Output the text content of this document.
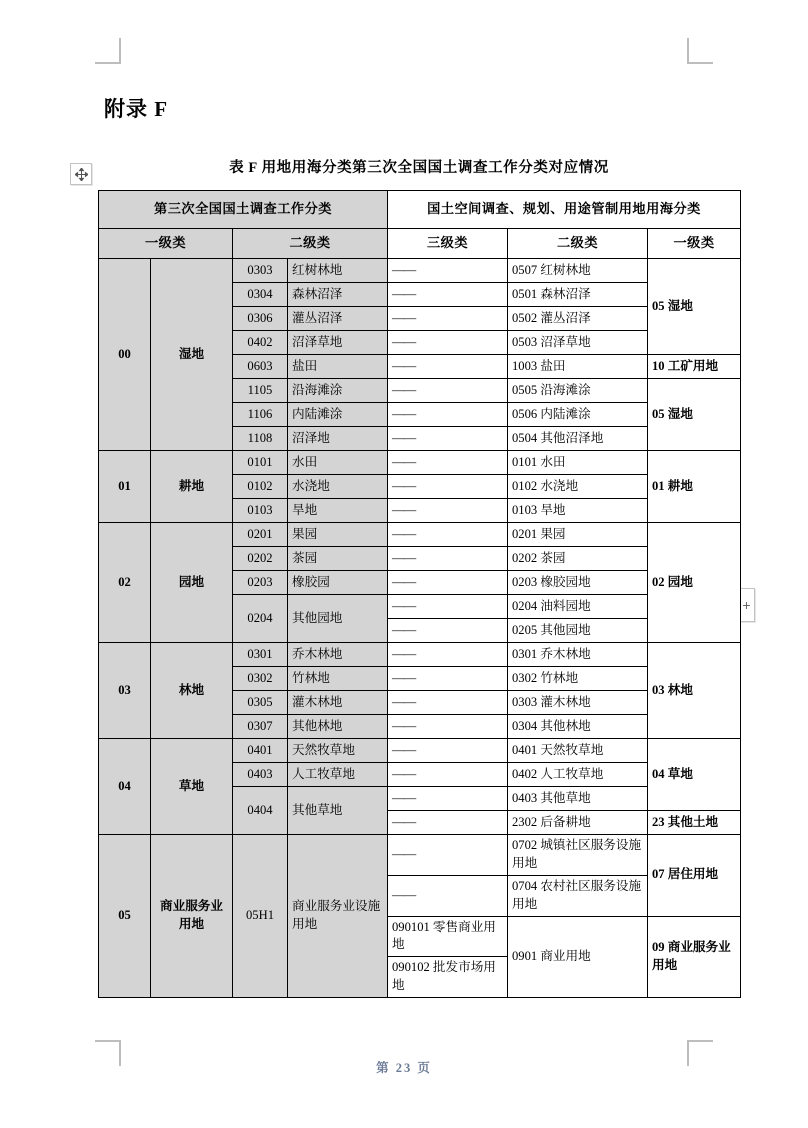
+
附录 F
表 F 用地用海分类第三次全国国土调查工作分类对应情况
第三次全国国土调查工作分类				国土空间调查、规划、用途管制用地用海分类		
一级类		二级类		三级类	二级类	一级类
00	湿地	0303	红树林地	——	0507 红树林地	05 湿地
		0304	森林沼泽	——	0501 森林沼泽	
		0306	灌丛沼泽	——	0502 灌丛沼泽	
		0402	沼泽草地	——	0503 沼泽草地	
		0603	盐田	——	1003 盐田	10 工矿用地
		1105	沿海滩涂	——	0505 沿海滩涂	05 湿地
		1106	内陆滩涂	——	0506 内陆滩涂	
		1108	沼泽地	——	0504 其他沼泽地	
01	耕地	0101	水田	——	0101 水田	01 耕地
		0102	水浇地	——	0102 水浇地	
		0103	旱地	——	0103 旱地	
02	园地	0201	果园	——	0201 果园	02 园地
		0202	茶园	——	0202 茶园	
		0203	橡胶园	——	0203 橡胶园地	
		0204	其他园地	——	0204 油料园地	
				——	0205 其他园地	
03	林地	0301	乔木林地	——	0301 乔木林地	03 林地
		0302	竹林地	——	0302 竹林地	
		0305	灌木林地	——	0303 灌木林地	
		0307	其他林地	——	0304 其他林地	
04	草地	0401	天然牧草地	——	0401 天然牧草地	04 草地
		0403	人工牧草地	——	0402 人工牧草地	
		0404	其他草地	——	0403 其他草地	
				——	2302 后备耕地	23 其他土地
05	商业服务业用地	05H1	商业服务业设施用地	——	0702 城镇社区服务设施用地	07 居住用地
				——	0704 农村社区服务设施用地	
				090101 零售商业用地	0901 商业用地	09 商业服务业用地
				090102 批发市场用地		
第 23 页
